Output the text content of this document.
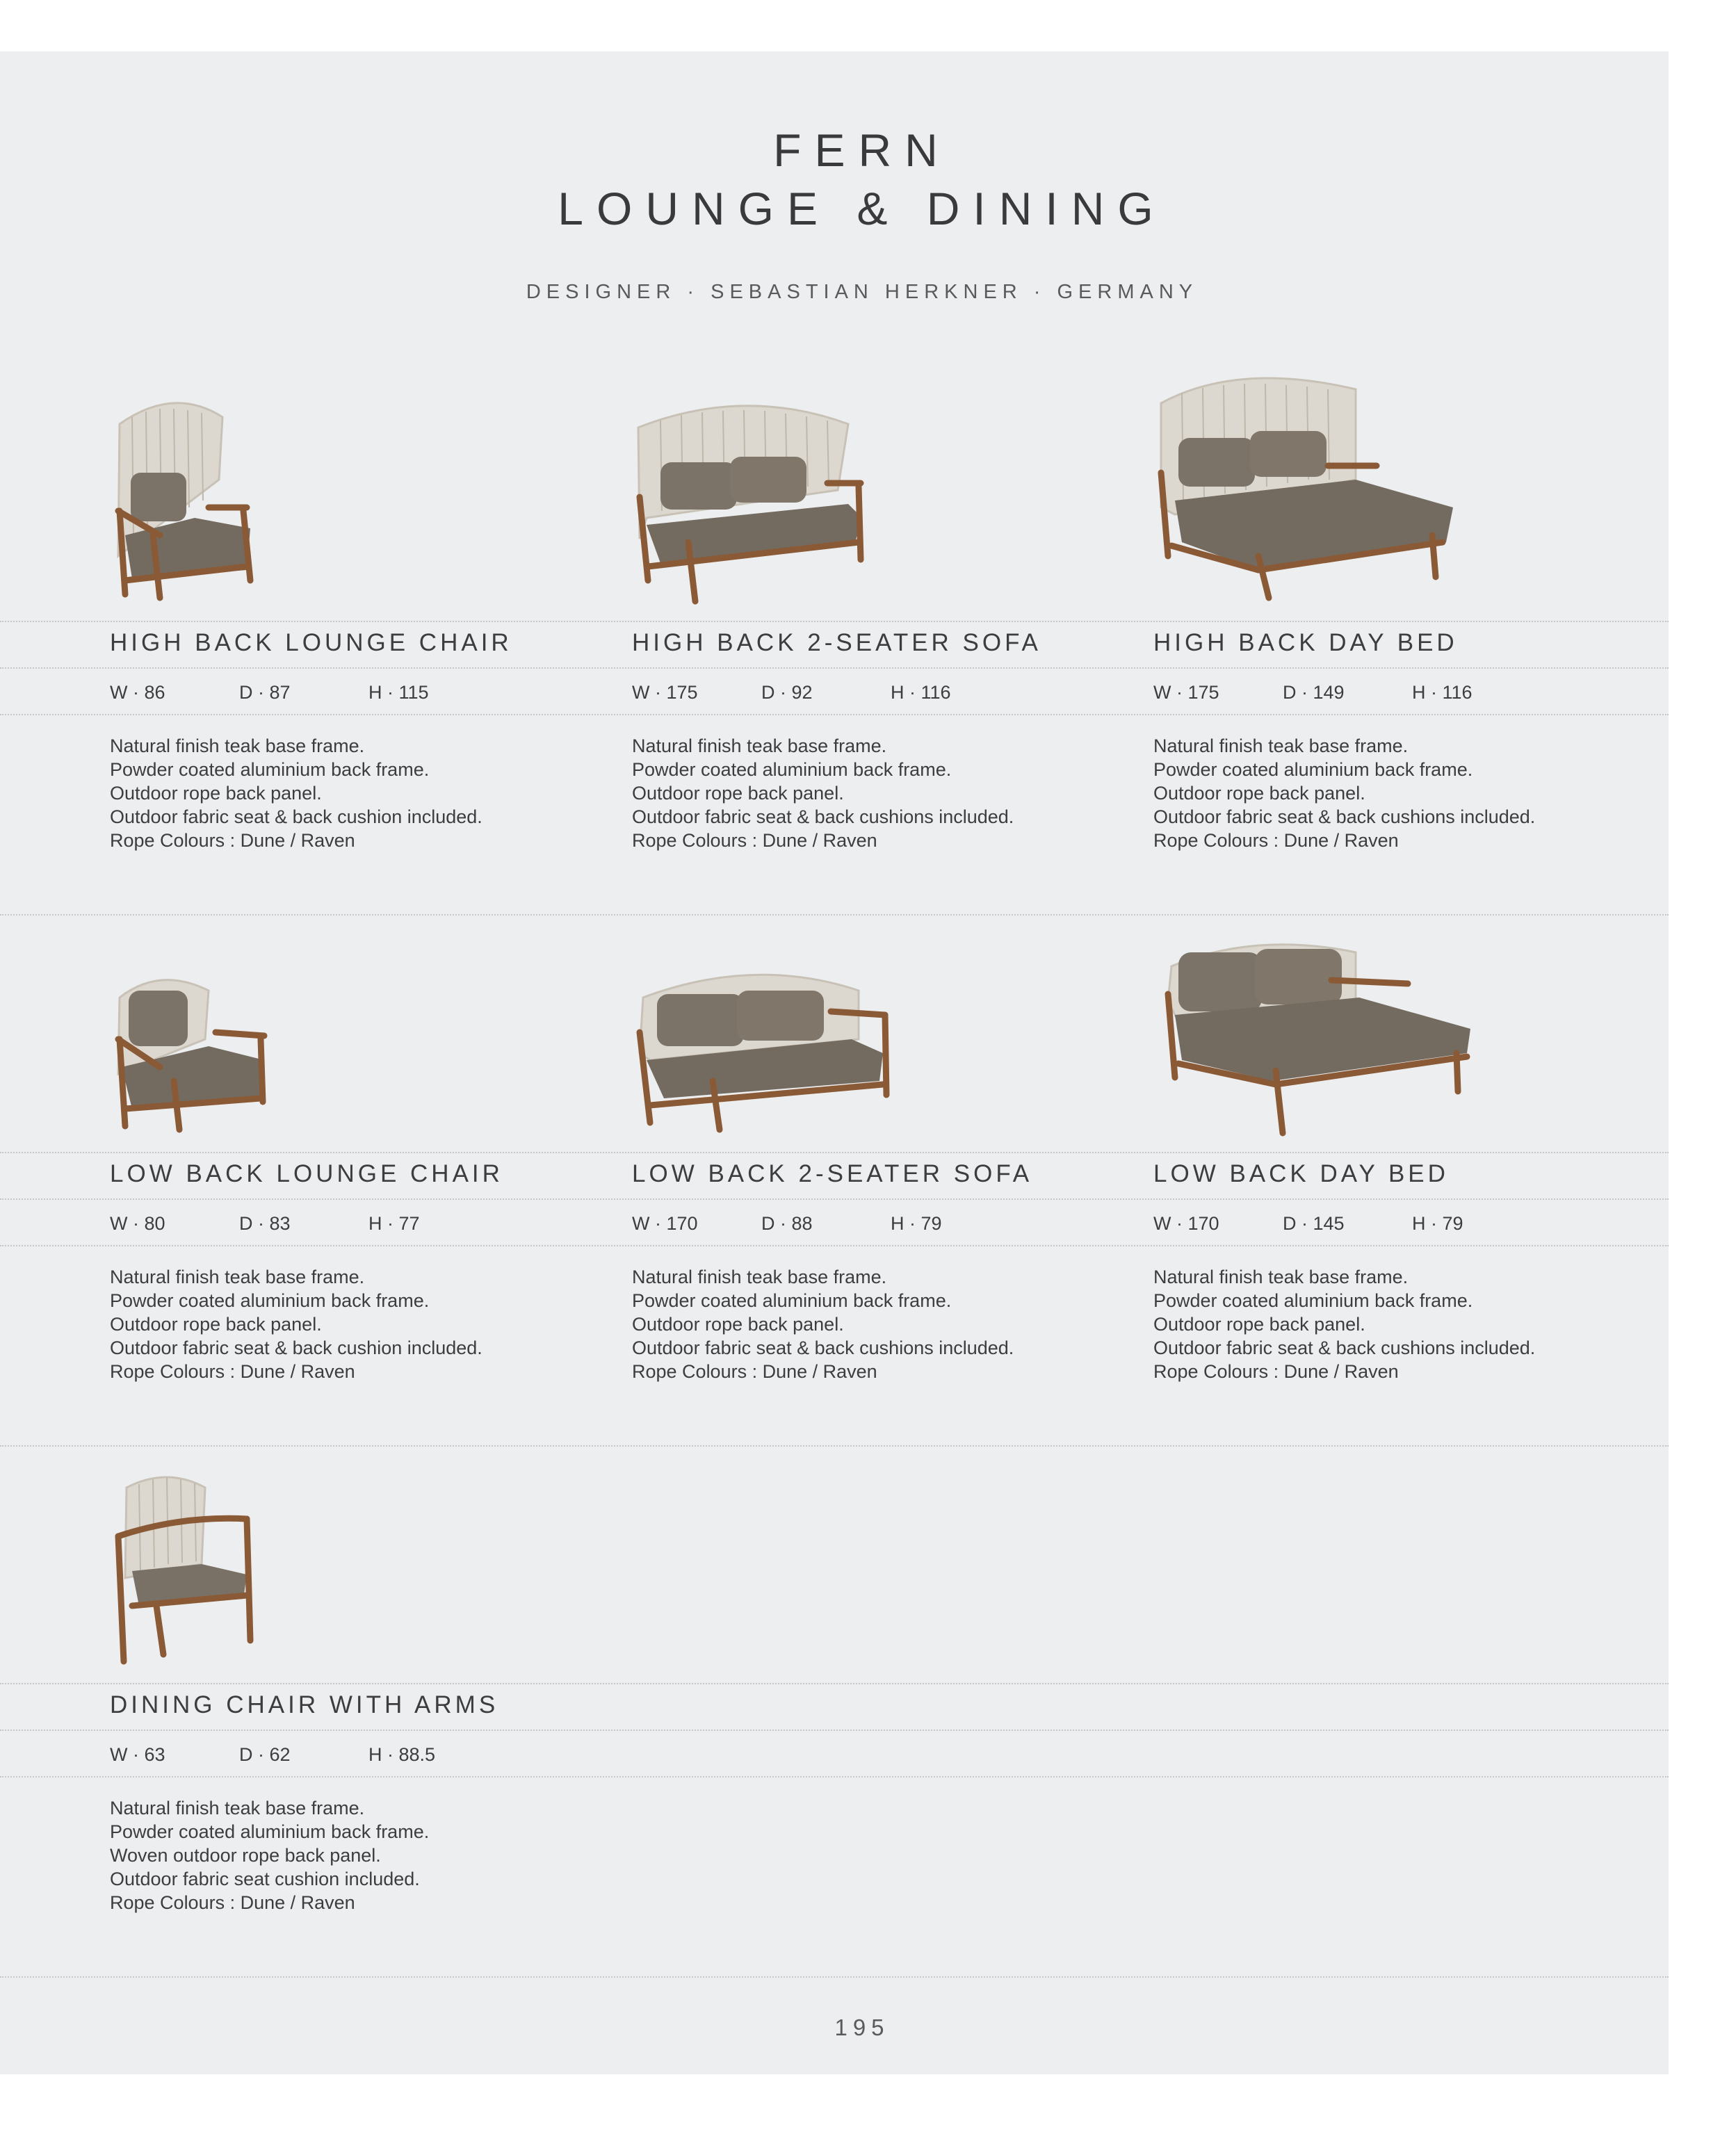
FERN
LOUNGE & DINING
DESIGNER · SEBASTIAN HERKNER · GERMANY
HIGH BACK LOUNGE CHAIR	HIGH BACK 2-SEATER SOFA	HIGH BACK DAY BED
W · 86	D · 87	H · 115	W · 175	D · 92	H · 116	W · 175	D · 149	H · 116
Natural finish teak base frame.
Powder coated aluminium back frame.
Outdoor rope back panel.
Outdoor fabric seat & back cushion included.
Rope Colours : Dune / Raven
Natural finish teak base frame.
Powder coated aluminium back frame.
Outdoor rope back panel.
Outdoor fabric seat & back cushions included.
Rope Colours : Dune / Raven
Natural finish teak base frame.
Powder coated aluminium back frame.
Outdoor rope back panel.
Outdoor fabric seat & back cushions included.
Rope Colours : Dune / Raven
LOW BACK LOUNGE CHAIR	LOW BACK 2-SEATER SOFA	LOW BACK DAY BED
W · 80	D · 83	H · 77	W · 170	D · 88	H · 79	W · 170	D · 145	H · 79
Natural finish teak base frame.
Powder coated aluminium back frame.
Outdoor rope back panel.
Outdoor fabric seat & back cushion included.
Rope Colours : Dune / Raven
Natural finish teak base frame.
Powder coated aluminium back frame.
Outdoor rope back panel.
Outdoor fabric seat & back cushions included.
Rope Colours : Dune / Raven
Natural finish teak base frame.
Powder coated aluminium back frame.
Outdoor rope back panel.
Outdoor fabric seat & back cushions included.
Rope Colours : Dune / Raven
DINING CHAIR WITH ARMS
W · 63	D · 62	H · 88.5
Natural finish teak base frame.
Powder coated aluminium back frame.
Woven outdoor rope back panel.
Outdoor fabric seat cushion included.
Rope Colours : Dune / Raven
195
